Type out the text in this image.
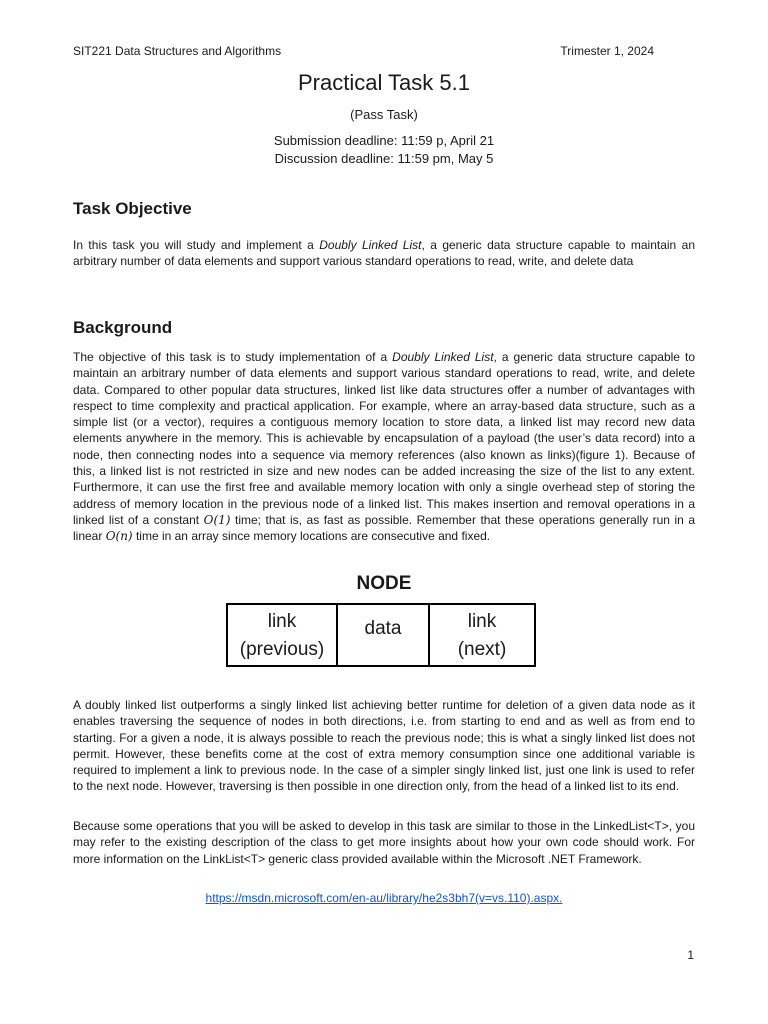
SIT221 Data Structures and Algorithms	Trimester 1, 2024
Practical Task 5.1
(Pass Task)
Submission deadline: 11:59 p, April 21
Discussion deadline: 11:59 pm, May 5
Task Objective

In this task you will study and implement a Doubly Linked List, a generic data structure capable to maintain an arbitrary number of data elements and support various standard operations to read, write, and delete data

Background

The objective of this task is to study implementation of a Doubly Linked List, a generic data structure capable to maintain an arbitrary number of data elements and support various standard operations to read, write, and delete data. Compared to other popular data structures, linked list like data structures offer a number of advantages with respect to time complexity and practical application. For example, where an array-based data structure, such as a simple list (or a vector), requires a contiguous memory location to store data, a linked list may record new data elements anywhere in the memory. This is achievable by encapsulation of a payload (the user’s data record) into a node, then connecting nodes into a sequence via memory references (also known as links)(figure 1). Because of this, a linked list is not restricted in size and new nodes can be added increasing the size of the list to any extent. Furthermore, it can use the first free and available memory location with only a single overhead step of storing the address of memory location in the previous node of a linked list. This makes insertion and removal operations in a linked list of a constant O(1) time; that is, as fast as possible. Remember that these operations generally run in a linear O(n) time in an array since memory locations are consecutive and fixed.

NODE
link
(previous)
data	link
(next)

A doubly linked list outperforms a singly linked list achieving better runtime for deletion of a given data node as it enables traversing the sequence of nodes in both directions, i.e. from starting to end and as well as from end to starting. For a given a node, it is always possible to reach the previous node; this is what a singly linked list does not permit. However, these benefits come at the cost of extra memory consumption since one additional variable is required to implement a link to previous node. In the case of a simpler singly linked list, just one link is used to refer to the next node. However, traversing is then possible in one direction only, from the head of a linked list to its end.

Because some operations that you will be asked to develop in this task are similar to those in the LinkedList<T>, you may refer to the existing description of the class to get more insights about how your own code should work. For more information on the LinkList<T> generic class provided available within the Microsoft .NET Framework.

https://msdn.microsoft.com/en-au/library/he2s3bh7(v=vs.110).aspx.
1
